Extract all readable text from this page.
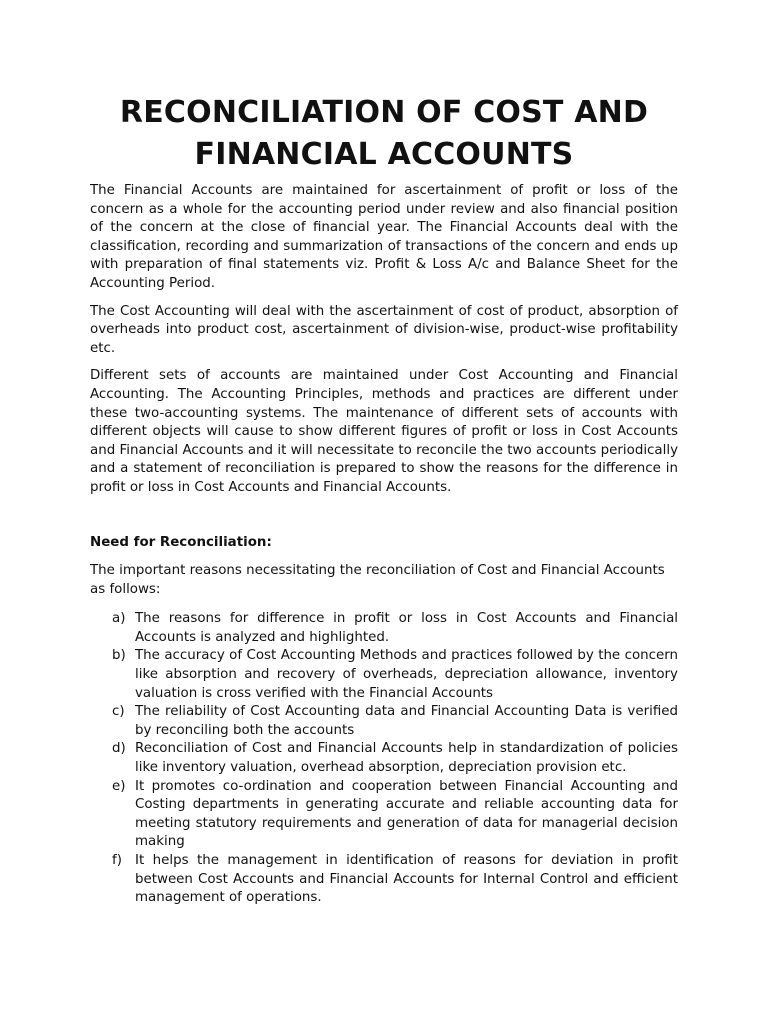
RECONCILIATION OF COST AND
FINANCIAL ACCOUNTS

The Financial Accounts are maintained for ascertainment of profit or loss of the concern as a whole for the accounting period under review and also financial position of the concern at the close of financial year. The Financial Accounts deal with the classification, recording and summarization of transactions of the concern and ends up with preparation of final statements viz. Profit & Loss A/c and Balance Sheet for the Accounting Period.

The Cost Accounting will deal with the ascertainment of cost of product, absorption of overheads into product cost, ascertainment of division-wise, product-wise profitability etc.

Different sets of accounts are maintained under Cost Accounting and Financial Accounting. The Accounting Principles, methods and practices are different under these two-accounting systems. The maintenance of different sets of accounts with different objects will cause to show different figures of profit or loss in Cost Accounts and Financial Accounts and it will necessitate to reconcile the two accounts periodically and a statement of reconciliation is prepared to show the reasons for the difference in profit or loss in Cost Accounts and Financial Accounts.

Need for Reconciliation:

The important reasons necessitating the reconciliation of Cost and Financial Accounts as follows:

a) The reasons for difference in profit or loss in Cost Accounts and Financial Accounts is analyzed and highlighted.
b) The accuracy of Cost Accounting Methods and practices followed by the concern like absorption and recovery of overheads, depreciation allowance, inventory valuation is cross verified with the Financial Accounts
c) The reliability of Cost Accounting data and Financial Accounting Data is verified by reconciling both the accounts
d) Reconciliation of Cost and Financial Accounts help in standardization of policies like inventory valuation, overhead absorption, depreciation provision etc.
e) It promotes co-ordination and cooperation between Financial Accounting and Costing departments in generating accurate and reliable accounting data for meeting statutory requirements and generation of data for managerial decision making
f) It helps the management in identification of reasons for deviation in profit between Cost Accounts and Financial Accounts for Internal Control and efficient management of operations.
